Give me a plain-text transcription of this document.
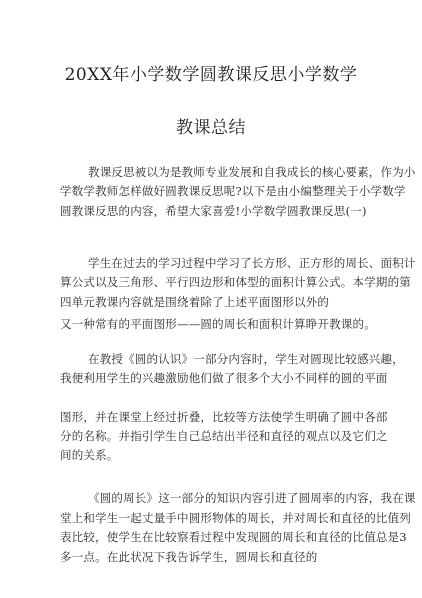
20XX年小学数学圆教课反思小学数学
教课总结
教课反思被以为是教师专业发展和自我成长的核心要素，作为小
学数学教师怎样做好圆教课反思呢?以下是由小编整理关于小学数学
圆教课反思的内容，希望大家喜爱!小学数学圆教课反思(一)
学生在过去的学习过程中学习了长方形、正方形的周长、面积计
算公式以及三角形、平行四边形和体型的面积计算公式。本学期的第
四单元教课内容就是围绕着除了上述平面图形以外的
又一种常有的平面图形——圆的周长和面积计算睁开教课的。
在教授《圆的认识》一部分内容时，学生对圆现比较感兴趣，
我便利用学生的兴趣激励他们做了很多个大小不同样的圆的平面
图形，并在课堂上经过折叠，比较等方法使学生明确了圆中各部
分的名称。并指引学生自己总结出半径和直径的观点以及它们之
间的关系。
《圆的周长》这一部分的知识内容引进了圆周率的内容，我在课
堂上和学生一起丈量手中圆形物体的周长，并对周长和直径的比值列
表比较，使学生在比较察看过程中发现圆的周长和直径的比值总是3
多一点。在此状况下我告诉学生，圆周长和直径的
